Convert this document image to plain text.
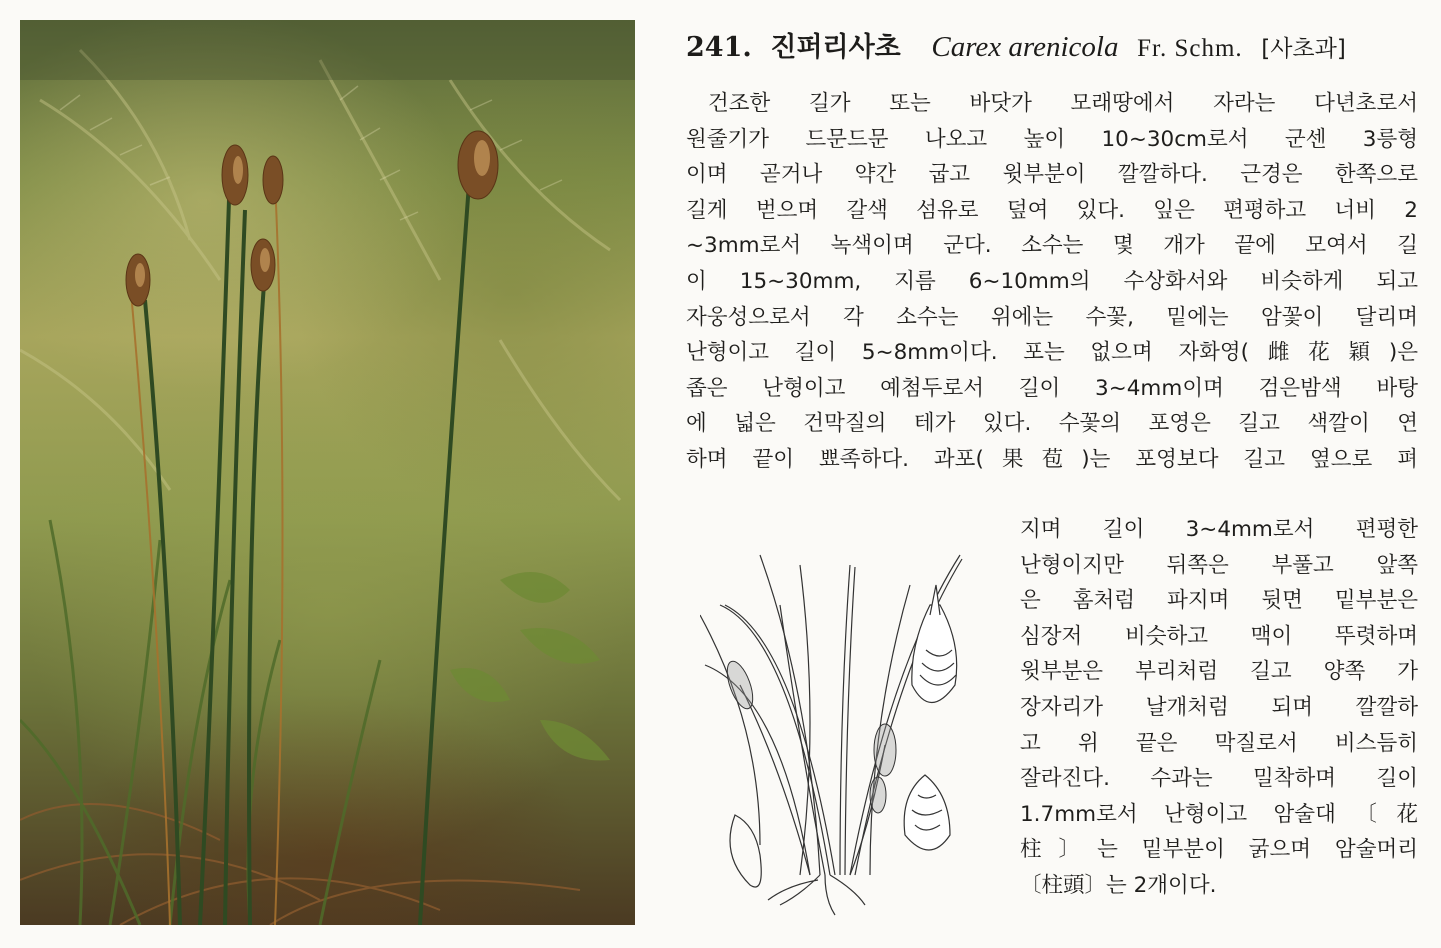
241. 진퍼리사초 Carex arenicola Fr. Schm. [사초과]
건조한 길가 또는 바닷가 모래땅에서 자라는 다년초로서
원줄기가 드문드문 나오고 높이 10~30cm로서 군센 3릉형
이며 곧거나 약간 굽고 윗부분이 깔깔하다. 근경은 한쪽으로
길게 벋으며 갈색 섬유로 덮여 있다. 잎은 편평하고 너비 2
~3mm로서 녹색이며 군다. 소수는 몇 개가 끝에 모여서 길
이 15~30mm, 지름 6~10mm의 수상화서와 비슷하게 되고
자웅성으로서 각 소수는 위에는 수꽃, 밑에는 암꽃이 달리며
난형이고 길이 5~8mm이다. 포는 없으며 자화영(雌花穎)은
좁은 난형이고 예첨두로서 길이 3~4mm이며 검은밤색 바탕
에 넓은 건막질의 테가 있다. 수꽃의 포영은 길고 색깔이 연
하며 끝이 뾰족하다. 과포(果苞)는 포영보다 길고 옆으로 펴
지며 길이 3~4mm로서 편평한
난형이지만 뒤쪽은 부풀고 앞쪽
은 홈처럼 파지며 뒷면 밑부분은
심장저 비슷하고 맥이 뚜렷하며
윗부분은 부리처럼 길고 양쪽 가
장자리가 날개처럼 되며 깔깔하
고 위 끝은 막질로서 비스듬히
잘라진다. 수과는 밀착하며 길이
1.7mm로서 난형이고 암술대〔花
柱〕는 밑부분이 굵으며 암술머리
〔柱頭〕는 2개이다.
